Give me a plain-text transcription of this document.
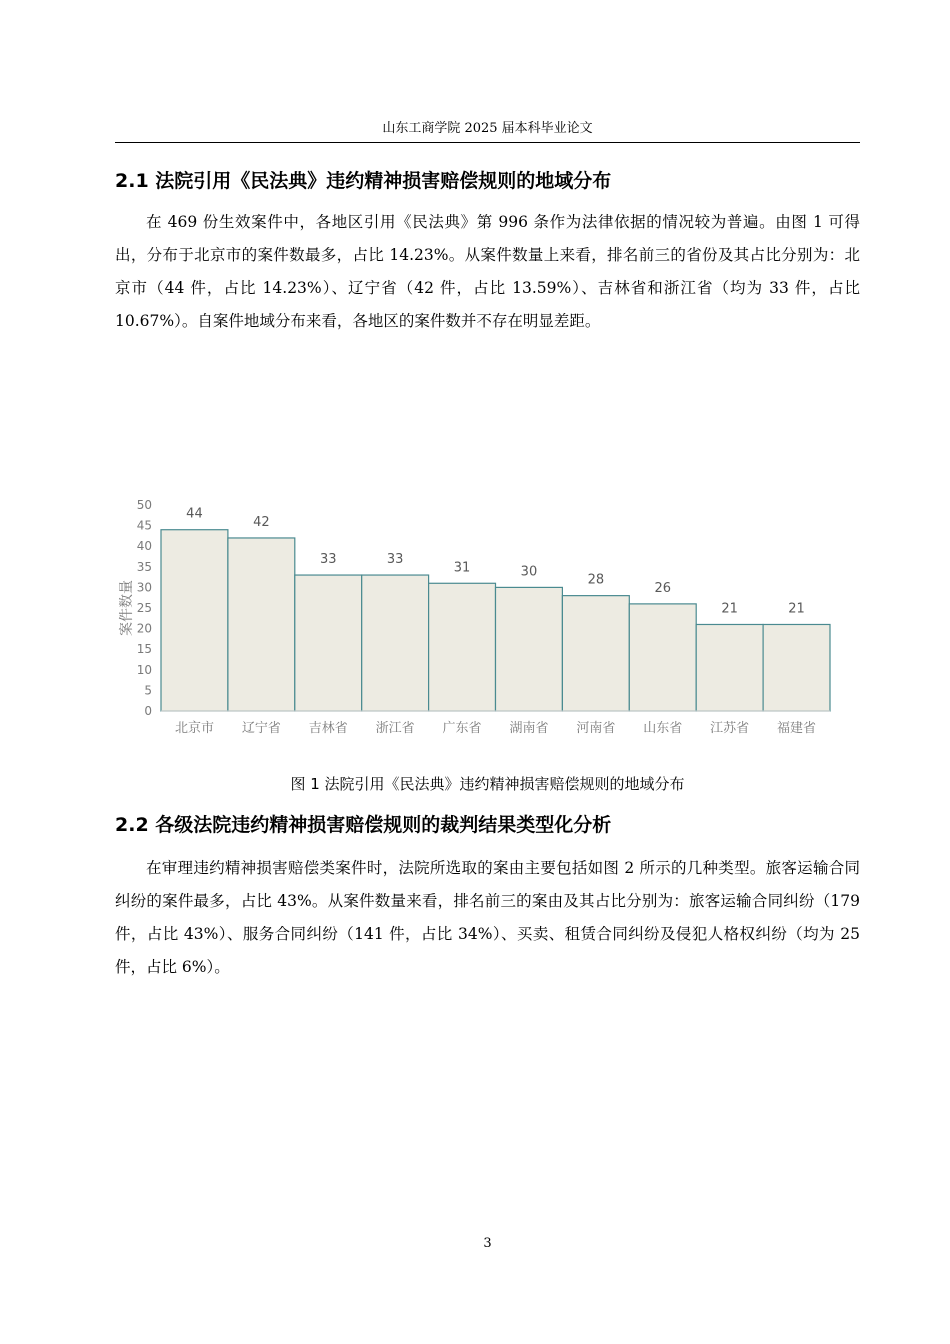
山东工商学院 2025 届本科毕业论文
2.1 法院引用《民法典》违约精神损害赔偿规则的地域分布

在 469 份生效案件中，各地区引用《民法典》第 996 条作为法律依据的情况较为普遍。由图 1 可得出，分布于北京市的案件数最多，占比 14.23%。从案件数量上来看，排名前三的省份及其占比分别为：北京市（44 件，占比 14.23%）、辽宁省（42 件，占比 13.59%）、吉林省和浙江省（均为 33 件，占比 10.67%）。自案件地域分布来看，各地区的案件数并不存在明显差距。

0
5
10
15
20
25
30
35
40
45
50
案件数量
44
北京市
42
辽宁省
33
吉林省
33
浙江省
31
广东省
30
湖南省
28
河南省
26
山东省
21
江苏省
21
福建省
图 1 法院引用《民法典》违约精神损害赔偿规则的地域分布
2.2 各级法院违约精神损害赔偿规则的裁判结果类型化分析

在审理违约精神损害赔偿类案件时，法院所选取的案由主要包括如图 2 所示的几种类型。旅客运输合同纠纷的案件最多，占比 43%。从案件数量来看，排名前三的案由及其占比分别为：旅客运输合同纠纷（179 件，占比 43%）、服务合同纠纷（141 件，占比 34%）、买卖、租赁合同纠纷及侵犯人格权纠纷（均为 25 件，占比 6%）。

3
